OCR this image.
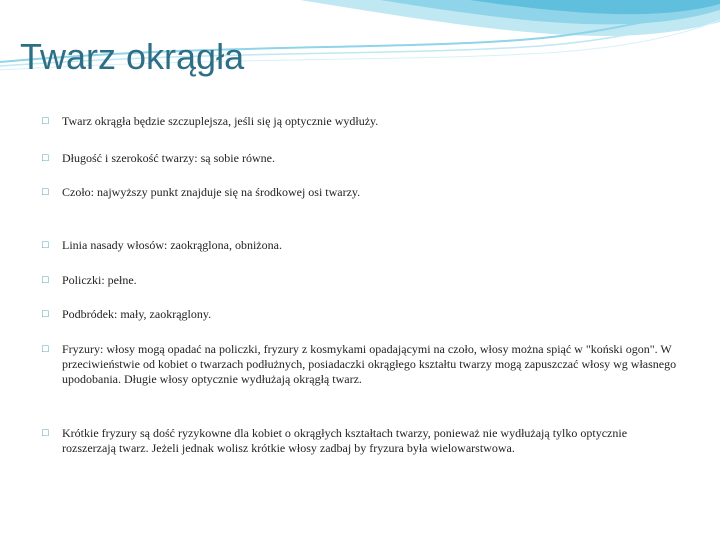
Twarz okrągła
□	Twarz okrągła będzie szczuplejsza, jeśli się ją optycznie wydłuży.
□	Długość i szerokość twarzy: są sobie równe.
□	Czoło: najwyższy punkt znajduje się na środkowej osi twarzy.
□	Linia nasady włosów: zaokrąglona, obniżona.
□	Policzki: pełne.
□	Podbródek: mały, zaokrąglony.
□	Fryzury: włosy mogą opadać na policzki, fryzury z kosmykami opadającymi na czoło, włosy można spiąć w "koński ogon". W przeciwieństwie od kobiet o twarzach podłużnych, posiadaczki okrągłego kształtu twarzy mogą zapuszczać włosy wg własnego upodobania. Długie włosy optycznie wydłużają okrągłą twarz.
□	Krótkie fryzury są dość ryzykowne dla kobiet o okrągłych kształtach twarzy, ponieważ nie wydłużają tylko optycznie rozszerzają twarz. Jeżeli jednak wolisz krótkie włosy zadbaj by fryzura była wielowarstwowa.
